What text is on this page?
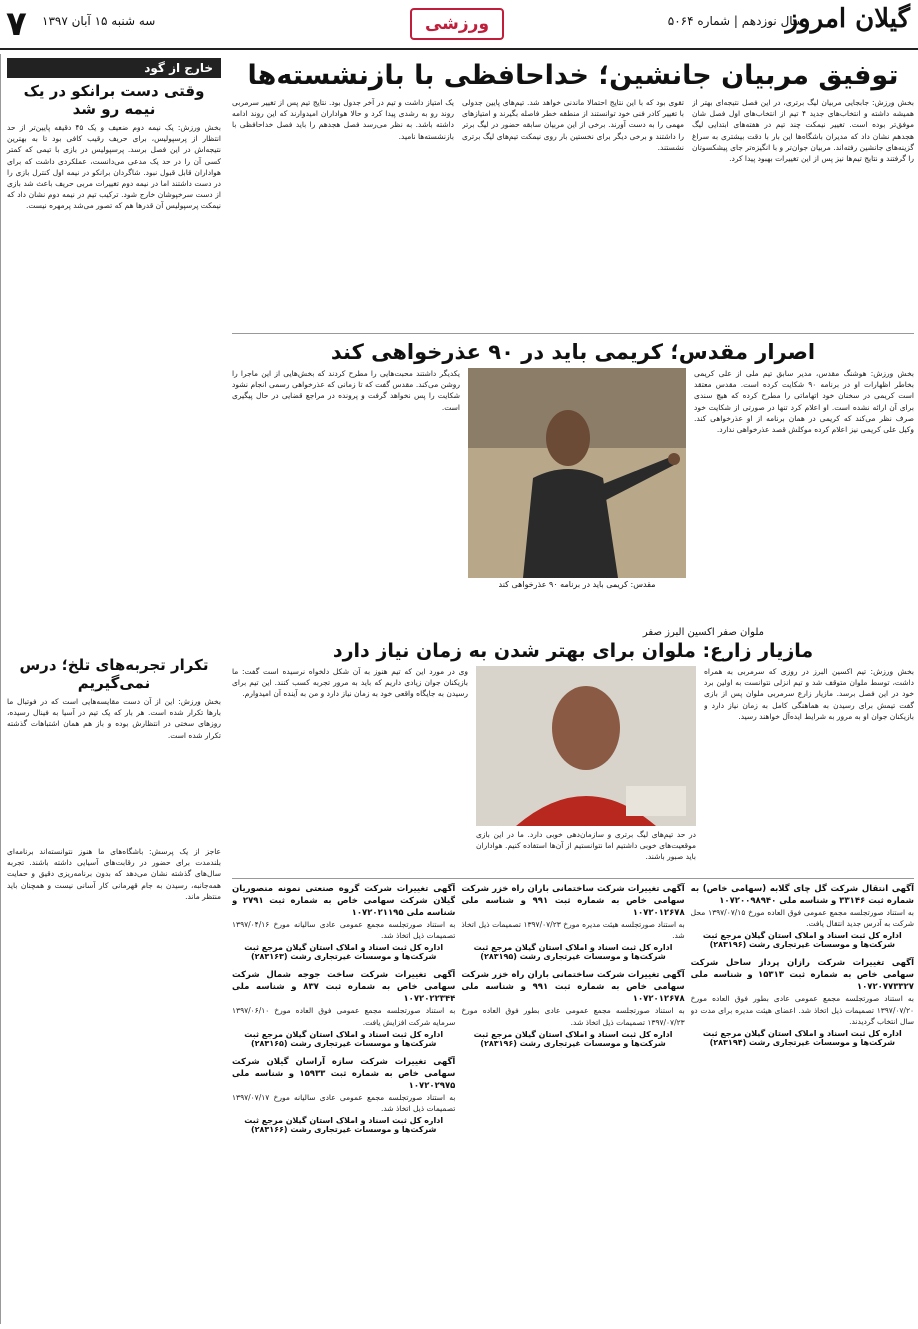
گیلان امروز
سال نوزدهم | شماره ۵۰۶۴
ورزشی
سه شنبه ۱۵ آبان ۱۳۹۷
۷
خارج از گود
وقتی دست برانکو در یک نیمه رو شد
بخش ورزش: یک نیمه دوم ضعیف و یک ۴۵ دقیقه پایین‌تر از حد انتظار از پرسپولیس، برای حریف رقیب کافی بود تا به بهترین نتیجه‌اش در این فصل برسد. پرسپولیس در بازی با تیمی که کمتر کسی آن را در حد یک مدعی می‌دانست، عملکردی داشت که برای هواداران قابل قبول نبود. شاگردان برانکو در نیمه اول کنترل بازی را در دست داشتند اما در نیمه دوم تغییرات مربی حریف باعث شد بازی از دست سرخپوشان خارج شود. ترکیب تیم در نیمه دوم نشان داد که نیمکت پرسپولیس آن قدرها هم که تصور می‌شد پرمهره نیست.
تکرار تجربه‌های تلخ؛ درس نمی‌گیریم
بخش ورزش: این از آن دست مقایسه‌هایی است که در فوتبال ما بارها تکرار شده است. هر بار که یک تیم در آسیا به فینال رسیده، روزهای سختی در انتظارش بوده و باز هم همان اشتباهات گذشته تکرار شده است.
عاجز از یک پرسش: باشگاه‌های ما هنوز نتوانسته‌اند برنامه‌ای بلندمدت برای حضور در رقابت‌های آسیایی داشته باشند. تجربه سال‌های گذشته نشان می‌دهد که بدون برنامه‌ریزی دقیق و حمایت همه‌جانبه، رسیدن به جام قهرمانی کار آسانی نیست و همچنان باید منتظر ماند.
توفیق مربیان جانشین؛ خداحافظی با بازنشسته‌ها
بخش ورزش: جابجایی مربیان لیگ برتری، در این فصل نتیجه‌ای بهتر از همیشه داشته و انتخاب‌های جدید ۴ تیم از انتخاب‌های اول فصل شان موفق‌تر بوده است. تغییر نیمکت چند تیم در هفته‌های ابتدایی لیگ هجدهم نشان داد که مدیران باشگاه‌ها این بار با دقت بیشتری به سراغ گزینه‌های جانشین رفته‌اند. مربیان جوان‌تر و با انگیزه‌تر جای پیشکسوتان را گرفتند و نتایج تیم‌ها نیز پس از این تغییرات بهبود پیدا کرد.
تقوی بود که با این نتایج احتمالا ماندنی خواهد شد. تیم‌های پایین جدولی با تغییر کادر فنی خود توانستند از منطقه خطر فاصله بگیرند و امتیازهای مهمی را به دست آورند. برخی از این مربیان سابقه حضور در لیگ برتر را داشتند و برخی دیگر برای نخستین بار روی نیمکت تیم‌های لیگ برتری نشستند.
یک امتیاز داشت و تیم در آخر جدول بود. نتایج تیم پس از تغییر سرمربی روند رو به رشدی پیدا کرد و حالا هواداران امیدوارند که این روند ادامه داشته باشد. به نظر می‌رسد فصل هجدهم را باید فصل خداحافظی با بازنشسته‌ها نامید.
اصرار مقدس؛ کریمی باید در ۹۰ عذرخواهی کند
بخش ورزش: هوشنگ مقدس، مدیر سابق تیم ملی از علی کریمی بخاطر اظهارات او در برنامه ۹۰ شکایت کرده است. مقدس معتقد است کریمی در سخنان خود اتهاماتی را مطرح کرده که هیچ سندی برای آن ارائه نشده است. او اعلام کرد تنها در صورتی از شکایت خود صرف نظر می‌کند که کریمی در همان برنامه از او عذرخواهی کند. وکیل علی کریمی نیز اعلام کرده موکلش قصد عذرخواهی ندارد.
مقدس: کریمی باید در برنامه ۹۰ عذرخواهی کند
یکدیگر داشتند محبت‌هایی را مطرح کردند که بخش‌هایی از این ماجرا را روشن می‌کند. مقدس گفت که تا زمانی که عذرخواهی رسمی انجام نشود شکایت را پس نخواهد گرفت و پرونده در مراجع قضایی در حال پیگیری است.
ملوان صفر اکسین البرز صفر
مازیار زارع: ملوان برای بهتر شدن به زمان نیاز دارد
بخش ورزش: تیم اکسین البرز در روزی که سرمربی به همراه داشت، توسط ملوان متوقف شد و تیم انزلی نتوانست به اولین برد خود در این فصل برسد. مازیار زارع سرمربی ملوان پس از بازی گفت تیمش برای رسیدن به هماهنگی کامل به زمان نیاز دارد و بازیکنان جوان او به مرور به شرایط ایده‌آل خواهند رسید.
در حد تیم‌های لیگ برتری و سازمان‌دهی خوبی دارد. ما در این بازی موقعیت‌های خوبی داشتیم اما نتوانستیم از آن‌ها استفاده کنیم. هواداران باید صبور باشند.
وی در مورد این که تیم هنوز به آن شکل دلخواه نرسیده است گفت: ما بازیکنان جوان زیادی داریم که باید به مرور تجربه کسب کنند. این تیم برای رسیدن به جایگاه واقعی خود به زمان نیاز دارد و من به آینده آن امیدوارم.
آگهی انتقال شرکت گل چای گلابه (سهامی خاص) به شماره ثبت ۳۳۱۴۶ و شناسه ملی ۱۰۷۲۰۰۹۸۹۴۰
به استناد صورتجلسه مجمع عمومی فوق العاده مورخ ۱۳۹۷/۰۷/۱۵ محل شرکت به آدرس جدید انتقال یافت.
اداره کل ثبت اسناد و املاک استان گیلان مرجع ثبت شرکت‌ها و موسسات غیرتجاری رشت (۲۸۳۱۹۶)
آگهی تغییرات شرکت رازان پرداز ساحل شرکت سهامی خاص به شماره ثبت ۱۵۳۱۳ و شناسه ملی ۱۰۷۲۰۷۷۳۳۲۷
به استناد صورتجلسه مجمع عمومی عادی بطور فوق العاده مورخ ۱۳۹۷/۰۷/۲۰ تصمیمات ذیل اتخاذ شد. اعضای هیئت مدیره برای مدت دو سال انتخاب گردیدند.
اداره کل ثبت اسناد و املاک استان گیلان مرجع ثبت شرکت‌ها و موسسات غیرتجاری رشت (۲۸۳۱۹۴)
آگهی تغییرات شرکت ساختمانی باران راه خزر شرکت سهامی خاص به شماره ثبت ۹۹۱ و شناسه ملی ۱۰۷۲۰۱۲۶۷۸
به استناد صورتجلسه هیئت مدیره مورخ ۱۳۹۷/۰۷/۲۳ تصمیمات ذیل اتخاذ شد.
اداره کل ثبت اسناد و املاک استان گیلان مرجع ثبت شرکت‌ها و موسسات غیرتجاری رشت (۲۸۳۱۹۵)
آگهی تغییرات شرکت ساختمانی باران راه خزر شرکت سهامی خاص به شماره ثبت ۹۹۱ و شناسه ملی ۱۰۷۲۰۱۲۶۷۸
به استناد صورتجلسه مجمع عمومی عادی بطور فوق العاده مورخ ۱۳۹۷/۰۷/۲۳ تصمیمات ذیل اتخاذ شد.
اداره کل ثبت اسناد و املاک استان گیلان مرجع ثبت شرکت‌ها و موسسات غیرتجاری رشت (۲۸۳۱۹۶)
آگهی تغییرات شرکت گروه صنعتی نمونه منصوریان گیلان شرکت سهامی خاص به شماره ثبت ۲۷۹۱ و شناسه ملی ۱۰۷۲۰۲۱۱۹۵
به استناد صورتجلسه مجمع عمومی عادی سالیانه مورخ ۱۳۹۷/۰۴/۱۶ تصمیمات ذیل اتخاذ شد.
اداره کل ثبت اسناد و املاک استان گیلان مرجع ثبت شرکت‌ها و موسسات غیرتجاری رشت (۲۸۳۱۶۳)
آگهی تغییرات شرکت ساخت جوجه شمال شرکت سهامی خاص به شماره ثبت ۸۳۷ و شناسه ملی ۱۰۷۲۰۲۲۳۴۴
به استناد صورتجلسه مجمع عمومی فوق العاده مورخ ۱۳۹۷/۰۶/۱۰ سرمایه شرکت افزایش یافت.
اداره کل ثبت اسناد و املاک استان گیلان مرجع ثبت شرکت‌ها و موسسات غیرتجاری رشت (۲۸۳۱۶۵)
آگهی تغییرات شرکت سازه آراسان گیلان شرکت سهامی خاص به شماره ثبت ۱۵۹۳۳ و شناسه ملی ۱۰۷۲۰۲۹۷۵
به استناد صورتجلسه مجمع عمومی عادی سالیانه مورخ ۱۳۹۷/۰۷/۱۷ تصمیمات ذیل اتخاذ شد.
اداره کل ثبت اسناد و املاک استان گیلان مرجع ثبت شرکت‌ها و موسسات غیرتجاری رشت (۲۸۳۱۶۶)
